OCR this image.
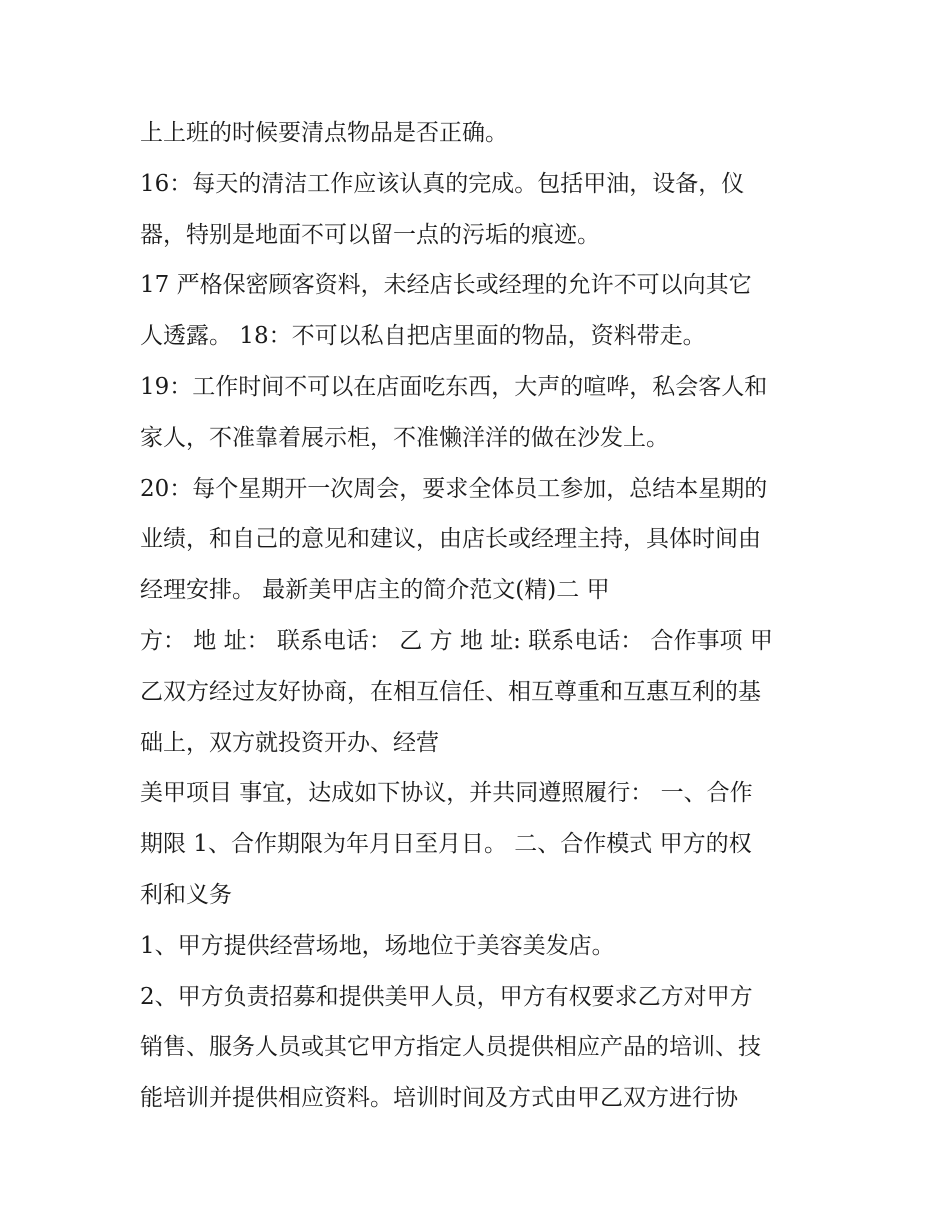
上上班的时候要清点物品是否正确。
16：每天的清洁工作应该认真的完成。包括甲油，设备，仪
器，特别是地面不可以留一点的污垢的痕迹。
17 严格保密顾客资料，未经店长或经理的允许不可以向其它
人透露。 18：不可以私自把店里面的物品，资料带走。
19：工作时间不可以在店面吃东西，大声的喧哗，私会客人和
家人，不准靠着展示柜，不准懒洋洋的做在沙发上。
20：每个星期开一次周会，要求全体员工参加，总结本星期的
业绩，和自己的意见和建议，由店长或经理主持，具体时间由
经理安排。 最新美甲店主的简介范文(精)二 甲
方： 地 址： 联系电话： 乙 方 地 址: 联系电话： 合作事项 甲
乙双方经过友好协商，在相互信任、相互尊重和互惠互利的基
础上，双方就投资开办、经营
美甲项目 事宜，达成如下协议，并共同遵照履行： 一、合作
期限 1、合作期限为年月日至月日。 二、合作模式 甲方的权
利和义务
1、甲方提供经营场地，场地位于美容美发店。
2、甲方负责招募和提供美甲人员，甲方有权要求乙方对甲方
销售、服务人员或其它甲方指定人员提供相应产品的培训、技
能培训并提供相应资料。培训时间及方式由甲乙双方进行协
